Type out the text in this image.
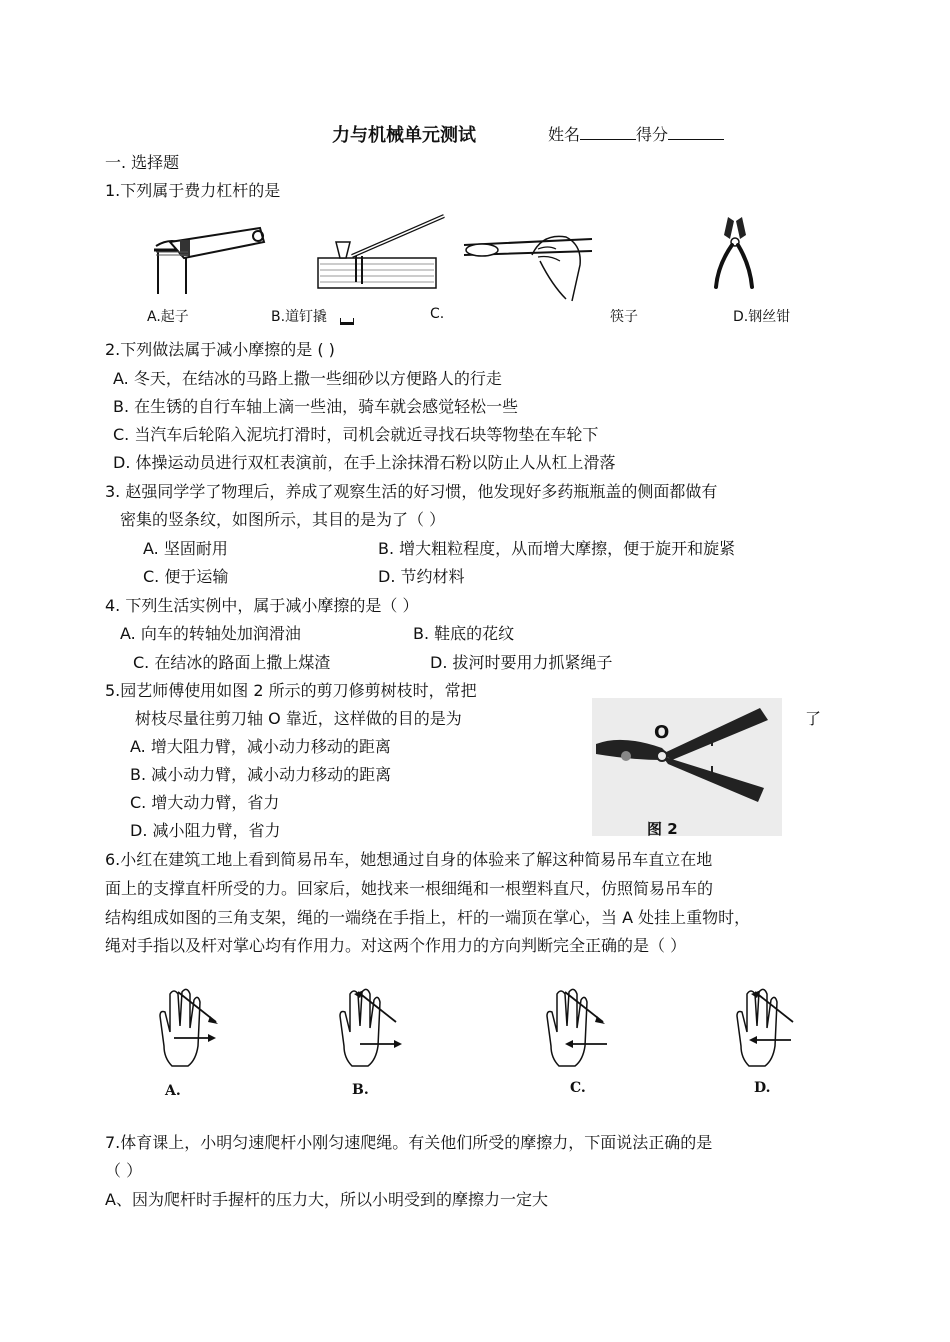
力与机械单元测试	姓名	得分
一. 选择题
1.下列属于费力杠杆的是
A.起子	B.道钉撬	C.	筷子	D.钢丝钳
2.下列做法属于减小摩擦的是 ( )
A. 冬天，在结冰的马路上撒一些细砂以方便路人的行走
B. 在生锈的自行车轴上滴一些油，骑车就会感觉轻松一些
C. 当汽车后轮陷入泥坑打滑时，司机会就近寻找石块等物垫在车轮下
D. 体操运动员进行双杠表演前，在手上涂抹滑石粉以防止人从杠上滑落
3. 赵强同学学了物理后，养成了观察生活的好习惯，他发现好多药瓶瓶盖的侧面都做有
密集的竖条纹，如图所示，其目的是为了（ ）
A. 坚固耐用	B. 增大粗粒程度，从而增大摩擦，便于旋开和旋紧
C. 便于运输	D. 节约材料
4. 下列生活实例中，属于减小摩擦的是（ ）
A. 向车的转轴处加润滑油	B. 鞋底的花纹
C. 在结冰的路面上撒上煤渣	D. 拔河时要用力抓紧绳子
5.园艺师傅使用如图 2 所示的剪刀修剪树枝时，常把
树枝尽量往剪刀轴 O 靠近，这样做的目的是为	了
A. 增大阻力臂，减小动力移动的距离
B. 减小动力臂，减小动力移动的距离
C. 增大动力臂，省力
D. 减小阻力臂，省力
O
图 2
6.小红在建筑工地上看到简易吊车，她想通过自身的体验来了解这种简易吊车直立在地
面上的支撑直杆所受的力。回家后，她找来一根细绳和一根塑料直尺，仿照简易吊车的
结构组成如图的三角支架，绳的一端绕在手指上，杆的一端顶在掌心，当 A 处挂上重物时，
绳对手指以及杆对掌心均有作用力。对这两个作用力的方向判断完全正确的是（ ）
A.	B.	C.	D.
7.体育课上，小明匀速爬杆小刚匀速爬绳。有关他们所受的摩擦力，下面说法正确的是
（ ）
A、因为爬杆时手握杆的压力大，所以小明受到的摩擦力一定大
